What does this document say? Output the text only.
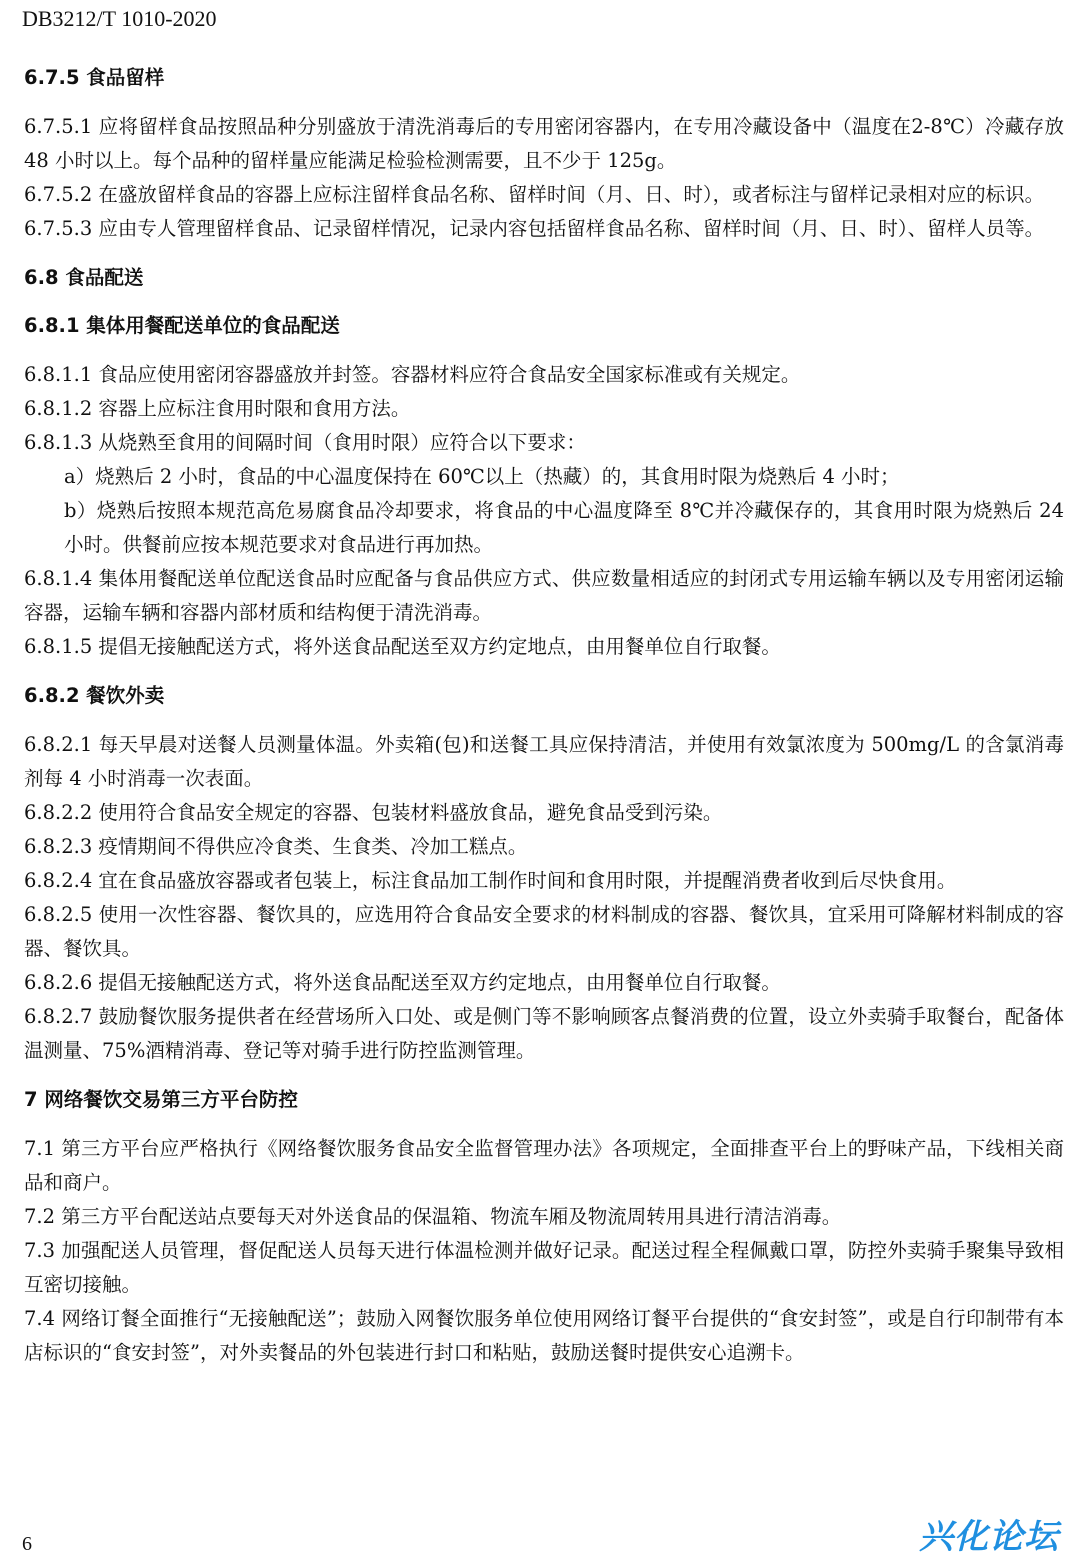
DB3212/T 1010-2020
6.7.5 食品留样

6.7.5.1 应将留样食品按照品种分别盛放于清洗消毒后的专用密闭容器内，在专用冷藏设备中（温度在2-8℃）冷藏存放 48 小时以上。每个品种的留样量应能满足检验检测需要，且不少于 125g。

6.7.5.2 在盛放留样食品的容器上应标注留样食品名称、留样时间（月、日、时），或者标注与留样记录相对应的标识。

6.7.5.3 应由专人管理留样食品、记录留样情况，记录内容包括留样食品名称、留样时间（月、日、时）、留样人员等。

6.8 食品配送
6.8.1 集体用餐配送单位的食品配送

6.8.1.1 食品应使用密闭容器盛放并封签。容器材料应符合食品安全国家标准或有关规定。

6.8.1.2 容器上应标注食用时限和食用方法。

6.8.1.3 从烧熟至食用的间隔时间（食用时限）应符合以下要求：

a）烧熟后 2 小时，食品的中心温度保持在 60℃以上（热藏）的，其食用时限为烧熟后 4 小时；

b）烧熟后按照本规范高危易腐食品冷却要求，将食品的中心温度降至 8℃并冷藏保存的，其食用时限为烧熟后 24 小时。供餐前应按本规范要求对食品进行再加热。

6.8.1.4 集体用餐配送单位配送食品时应配备与食品供应方式、供应数量相适应的封闭式专用运输车辆以及专用密闭运输容器，运输车辆和容器内部材质和结构便于清洗消毒。

6.8.1.5 提倡无接触配送方式，将外送食品配送至双方约定地点，由用餐单位自行取餐。

6.8.2 餐饮外卖

6.8.2.1 每天早晨对送餐人员测量体温。外卖箱(包)和送餐工具应保持清洁，并使用有效氯浓度为 500mg/L 的含氯消毒剂每 4 小时消毒一次表面。

6.8.2.2 使用符合食品安全规定的容器、包装材料盛放食品，避免食品受到污染。

6.8.2.3 疫情期间不得供应冷食类、生食类、冷加工糕点。

6.8.2.4 宜在食品盛放容器或者包装上，标注食品加工制作时间和食用时限，并提醒消费者收到后尽快食用。

6.8.2.5 使用一次性容器、餐饮具的，应选用符合食品安全要求的材料制成的容器、餐饮具，宜采用可降解材料制成的容器、餐饮具。

6.8.2.6 提倡无接触配送方式，将外送食品配送至双方约定地点，由用餐单位自行取餐。

6.8.2.7 鼓励餐饮服务提供者在经营场所入口处、或是侧门等不影响顾客点餐消费的位置，设立外卖骑手取餐台，配备体温测量、75%酒精消毒、登记等对骑手进行防控监测管理。

7 网络餐饮交易第三方平台防控

7.1 第三方平台应严格执行《网络餐饮服务食品安全监督管理办法》各项规定，全面排查平台上的野味产品，下线相关商品和商户。

7.2 第三方平台配送站点要每天对外送食品的保温箱、物流车厢及物流周转用具进行清洁消毒。

7.3 加强配送人员管理，督促配送人员每天进行体温检测并做好记录。配送过程全程佩戴口罩，防控外卖骑手聚集导致相互密切接触。

7.4 网络订餐全面推行“无接触配送”；鼓励入网餐饮服务单位使用网络订餐平台提供的“食安封签”，或是自行印制带有本店标识的“食安封签”，对外卖餐品的外包装进行封口和粘贴，鼓励送餐时提供安心追溯卡。

6	兴化论坛
